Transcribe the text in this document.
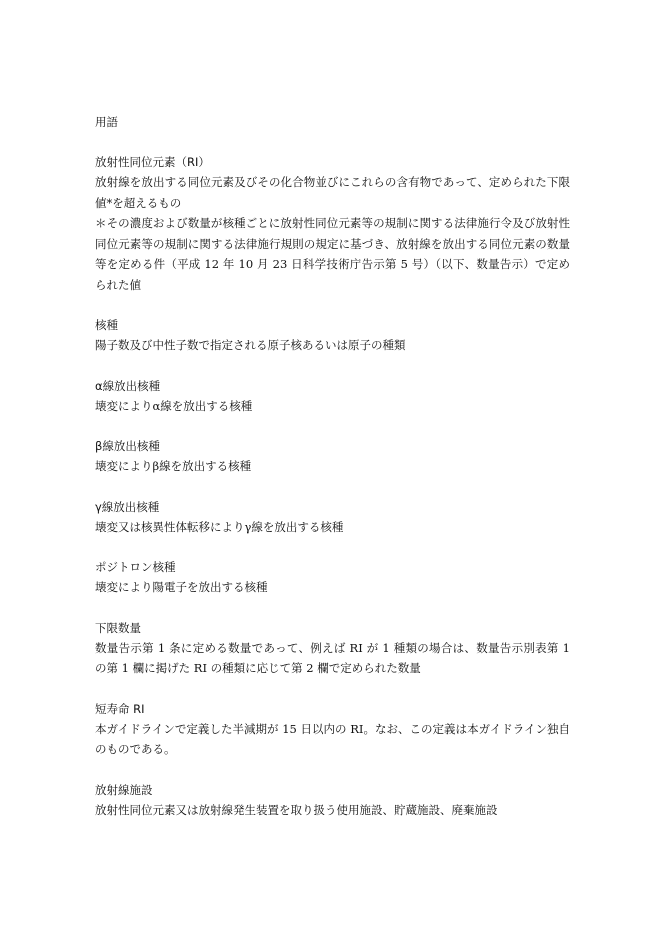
用語
放射性同位元素（RI）
放射線を放出する同位元素及びその化合物並びにこれらの含有物であって、定められた下限値*を超えるもの
＊その濃度および数量が核種ごとに放射性同位元素等の規制に関する法律施行令及び放射性同位元素等の規制に関する法律施行規則の規定に基づき、放射線を放出する同位元素の数量等を定める件（平成 12 年 10 月 23 日科学技術庁告示第 5 号）（以下、数量告示）で定められた値
核種
陽子数及び中性子数で指定される原子核あるいは原子の種類
α線放出核種
壊変によりα線を放出する核種
β線放出核種
壊変によりβ線を放出する核種
γ線放出核種
壊変又は核異性体転移によりγ線を放出する核種
ポジトロン核種
壊変により陽電子を放出する核種
下限数量
数量告示第 1 条に定める数量であって、例えば RI が 1 種類の場合は、数量告示別表第 1 の第 1 欄に掲げた RI の種類に応じて第 2 欄で定められた数量
短寿命 RI
本ガイドラインで定義した半減期が 15 日以内の RI。なお、この定義は本ガイドライン独自のものである。
放射線施設
放射性同位元素又は放射線発生装置を取り扱う使用施設、貯蔵施設、廃棄施設
